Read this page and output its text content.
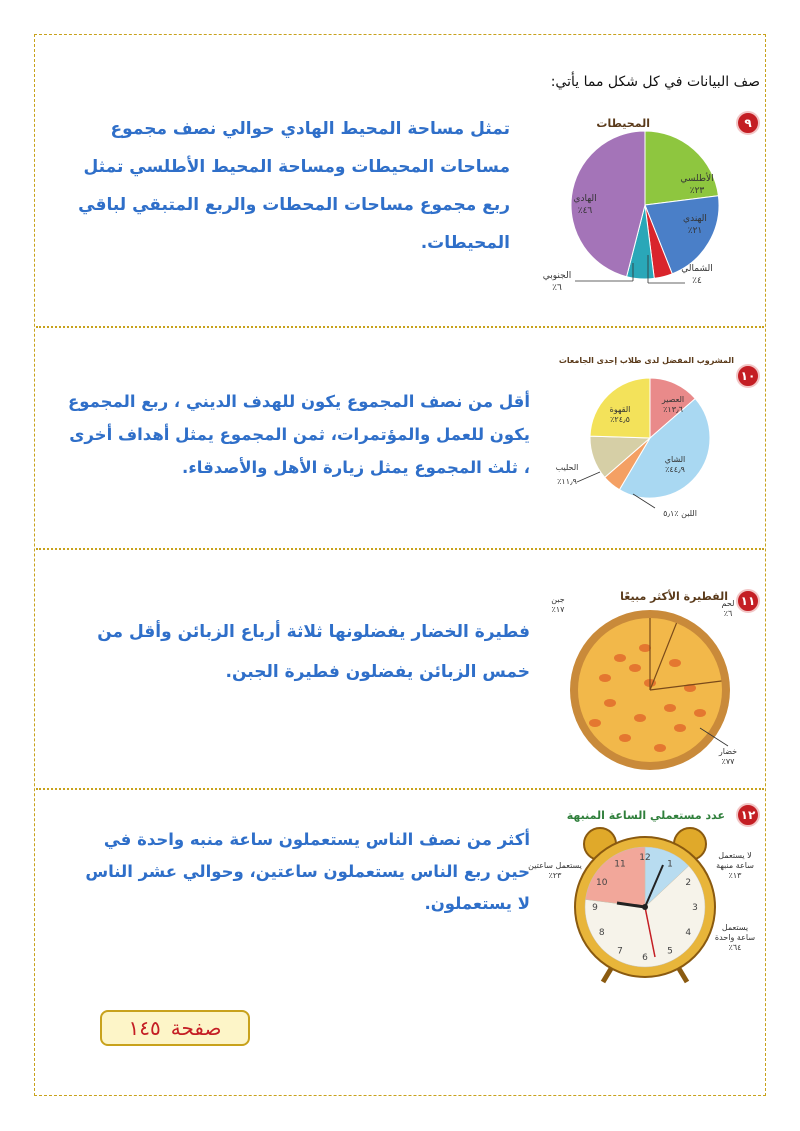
صف البيانات في كل شكل مما يأتي:
٩
المحيطات
الأطلسي
٪٢٣
الهندي
٪٢١
الهادي
٪٤٦
الشمالي
٪٤
الجنوبي
٪٦
تمثل مساحة المحيط الهادي حوالي نصف مجموع مساحات المحيطات ومساحة المحيط الأطلسي تمثل ربع مجموع مساحات المحطات والربع المتبقي لباقي المحيطات.
١٠
المشروب المفضل لدى طلاب إحدى الجامعات
العصير
٪١٣٫٦
القهوة
٪٢٤٫٥
الشاي
٪٤٤٫٩
الحليب
٪١١٫٩
اللبن ٪٥٫١
أقل من نصف المجموع يكون للهدف الديني ، ربع المجموع يكون للعمل والمؤتمرات، ثمن المجموع يمثل أهداف أخرى ، ثلث المجموع يمثل زيارة الأهل والأصدقاء.
١١
الفطيرة الأكثر مبيعًا
لحم
٪٦
جبن
٪١٧
خضار
٪٧٧
فطيرة الخضار يفضلونها ثلاثة أرباع الزبائن وأقل من خمس الزبائن يفضلون فطيرة الجبن.
١٢
عدد مستعملي الساعة المنبهة
1
2
3
4
5
6
7
8
9
10
11
12
يستعمل ساعتين
٪٢٣
لا يستعمل
ساعة منبهة
٪١٣
يستعمل
ساعة واحدة
٪٦٤
أكثر من نصف الناس يستعملون ساعة منبه واحدة في حين ربع الناس يستعملون ساعتين، وحوالي عشر الناس لا يستعملون.
صفحة
١٤٥
